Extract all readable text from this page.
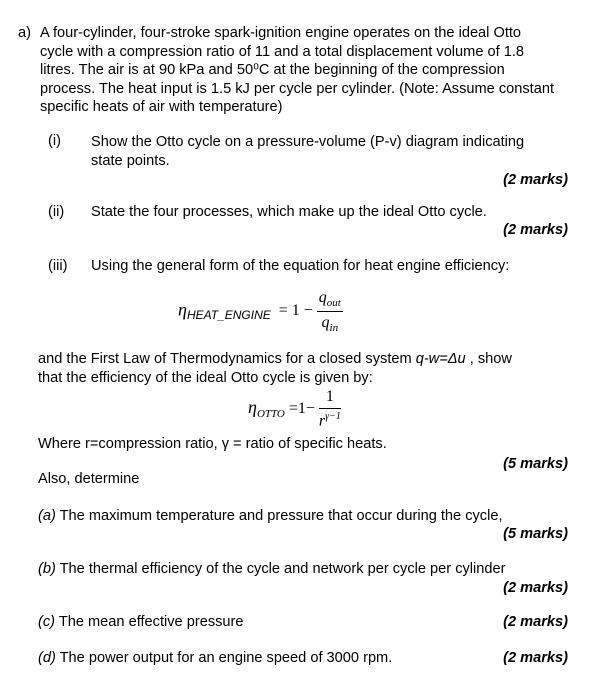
a) A four-cylinder, four-stroke spark-ignition engine operates on the ideal Otto
cycle with a compression ratio of 11 and a total displacement volume of 1.8
litres. The air is at 90 kPa and 50⁰C at the beginning of the compression
process. The heat input is 1.5 kJ per cycle per cylinder. (Note: Assume constant
specific heats of air with temperature)
(i) Show the Otto cycle on a pressure-volume (P-v) diagram indicating
state points.
(2 marks)
(ii) State the four processes, which make up the ideal Otto cycle.
(2 marks)
(iii) Using the general form of the equation for heat engine efficiency:
$\eta_{HEAT\_ENGINE} = 1 - \frac{q_{out}}{q_{in}}$
and the First Law of Thermodynamics for a closed system q-w=Δu , show
that the efficiency of the ideal Otto cycle is given by:
$\eta_{OTTO} =1- \frac{1}{r^{\gamma-1}}$
Where r=compression ratio, γ = ratio of specific heats.
(5 marks)
Also, determine
(a) The maximum temperature and pressure that occur during the cycle,
(5 marks)
(b) The thermal efficiency of the cycle and network per cycle per cylinder
(2 marks)
(c) The mean effective pressure	(2 marks)
(d) The power output for an engine speed of 3000 rpm.	(2 marks)
